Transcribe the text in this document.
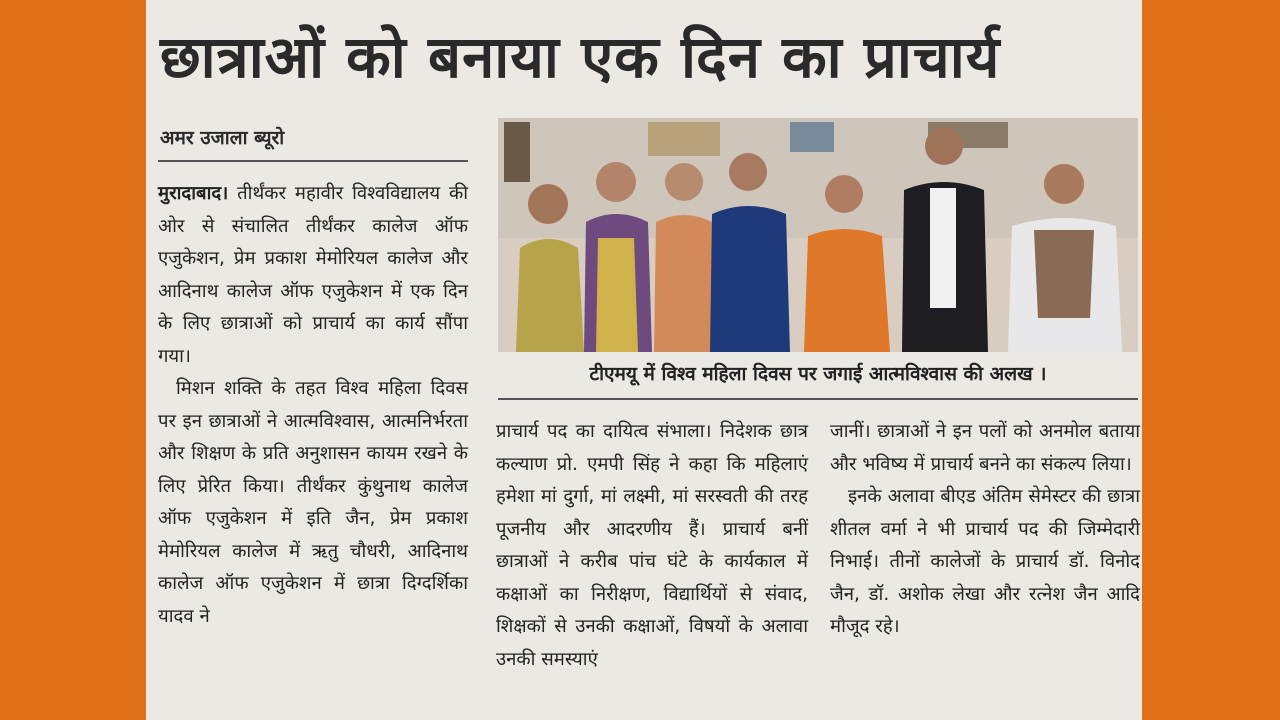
छात्राओं को बनाया एक दिन का प्राचार्य
अमर उजाला ब्यूरो

मुरादाबाद। तीर्थंकर महावीर विश्वविद्यालय की ओर से संचालित तीर्थंकर कालेज ऑफ एजुकेशन, प्रेम प्रकाश मेमोरियल कालेज और आदिनाथ कालेज ऑफ एजुकेशन में एक दिन के लिए छात्राओं को प्राचार्य का कार्य सौंपा गया।

मिशन शक्ति के तहत विश्व महिला दिवस पर इन छात्राओं ने आत्मविश्वास, आत्मनिर्भरता और शिक्षण के प्रति अनुशासन कायम रखने के लिए प्रेरित किया। तीर्थंकर कुंथुनाथ कालेज ऑफ एजुकेशन में इति जैन, प्रेम प्रकाश मेमोरियल कालेज में ऋतु चौधरी, आदिनाथ कालेज ऑफ एजुकेशन में छात्रा दिग्दर्शिका यादव ने

टीएमयू में विश्व महिला दिवस पर जगाई आत्मविश्वास की अलख ।

प्राचार्य पद का दायित्व संभाला। निदेशक छात्र कल्याण प्रो. एमपी सिंह ने कहा कि महिलाएं हमेशा मां दुर्गा, मां लक्ष्मी, मां सरस्वती की तरह पूजनीय और आदरणीय हैं। प्राचार्य बनीं छात्राओं ने करीब पांच घंटे के कार्यकाल में कक्षाओं का निरीक्षण, विद्यार्थियों से संवाद, शिक्षकों से उनकी कक्षाओं, विषयों के अलावा उनकी समस्याएं

जानीं। छात्राओं ने इन पलों को अनमोल बताया और भविष्य में प्राचार्य बनने का संकल्प लिया।

इनके अलावा बीएड अंतिम सेमेस्टर की छात्रा शीतल वर्मा ने भी प्राचार्य पद की जिम्मेदारी निभाई। तीनों कालेजों के प्राचार्य डॉ. विनोद जैन, डॉ. अशोक लेखा और रत्नेश जैन आदि मौजूद रहे।
